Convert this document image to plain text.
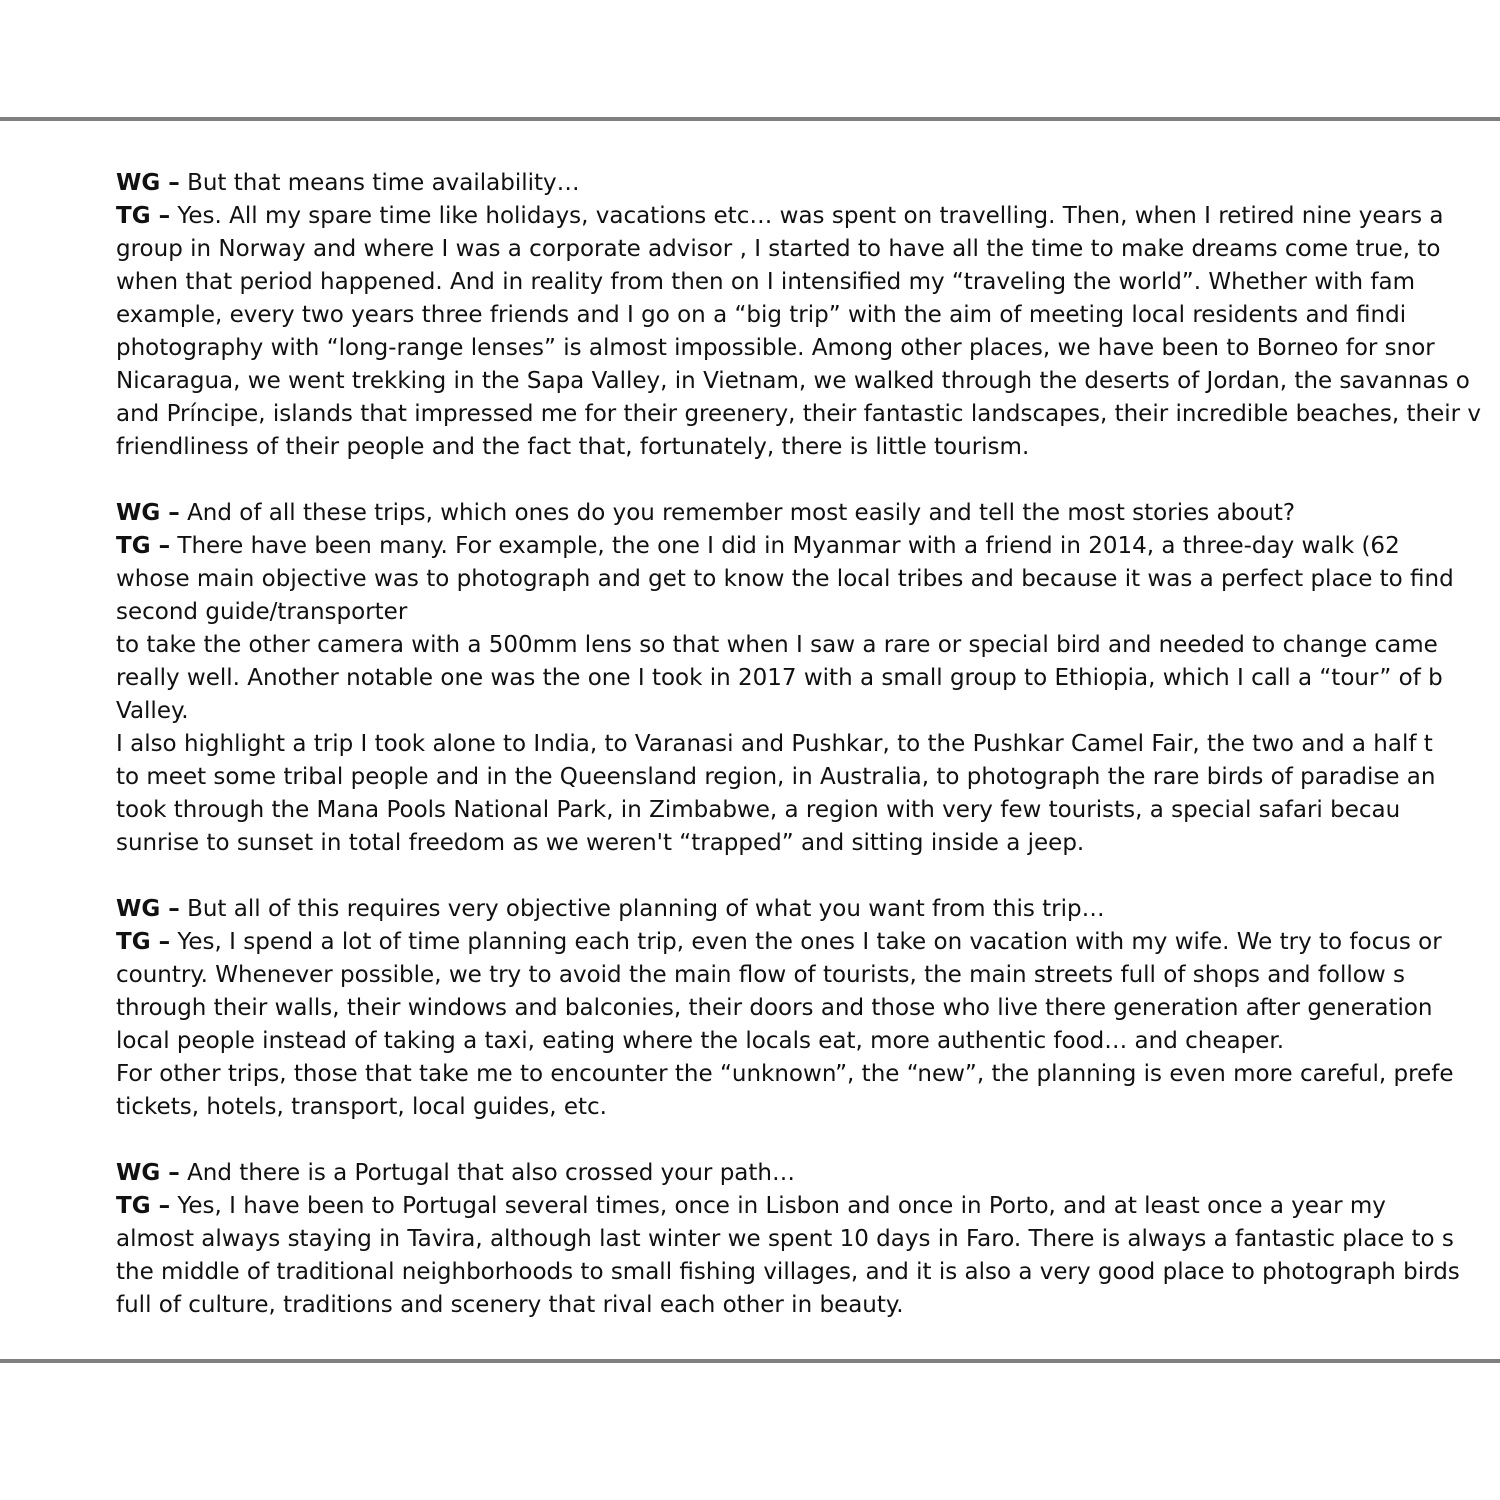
WG – But that means time availability…
TG – Yes. All my spare time like holidays, vacations etc… was spent on travelling. Then, when I retired nine years a
group in Norway and where I was a corporate advisor , I started to have all the time to make dreams come true, to
when that period happened. And in reality from then on I intensified my “traveling the world”. Whether with fam
example, every two years three friends and I go on a “big trip” with the aim of meeting local residents and findi
photography with “long-range lenses” is almost impossible. Among other places, we have been to Borneo for snor
Nicaragua, we went trekking in the Sapa Valley, in Vietnam, we walked through the deserts of Jordan, the savannas o
and Príncipe, islands that impressed me for their greenery, their fantastic landscapes, their incredible beaches, their v
friendliness of their people and the fact that, fortunately, there is little tourism.
WG – And of all these trips, which ones do you remember most easily and tell the most stories about?
TG – There have been many. For example, the one I did in Myanmar with a friend in 2014, a three-day walk (62
whose main objective was to photograph and get to know the local tribes and because it was a perfect place to find
second guide/transporter
to take the other camera with a 500mm lens so that when I saw a rare or special bird and needed to change came
really well. Another notable one was the one I took in 2017 with a small group to Ethiopia, which I call a “tour” of b
Valley.
I also highlight a trip I took alone to India, to Varanasi and Pushkar, to the Pushkar Camel Fair, the two and a half t
to meet some tribal people and in the Queensland region, in Australia, to photograph the rare birds of paradise an
took through the Mana Pools National Park, in Zimbabwe, a region with very few tourists, a special safari becau
sunrise to sunset in total freedom as we weren't “trapped” and sitting inside a jeep.
WG – But all of this requires very objective planning of what you want from this trip…
TG – Yes, I spend a lot of time planning each trip, even the ones I take on vacation with my wife. We try to focus or
country. Whenever possible, we try to avoid the main flow of tourists, the main streets full of shops and follow s
through their walls, their windows and balconies, their doors and those who live there generation after generation
local people instead of taking a taxi, eating where the locals eat, more authentic food… and cheaper.
For other trips, those that take me to encounter the “unknown”, the “new”, the planning is even more careful, prefe
tickets, hotels, transport, local guides, etc.
WG – And there is a Portugal that also crossed your path…
TG – Yes, I have been to Portugal several times, once in Lisbon and once in Porto, and at least once a year my
almost always staying in Tavira, although last winter we spent 10 days in Faro. There is always a fantastic place to s
the middle of traditional neighborhoods to small fishing villages, and it is also a very good place to photograph birds
full of culture, traditions and scenery that rival each other in beauty.
